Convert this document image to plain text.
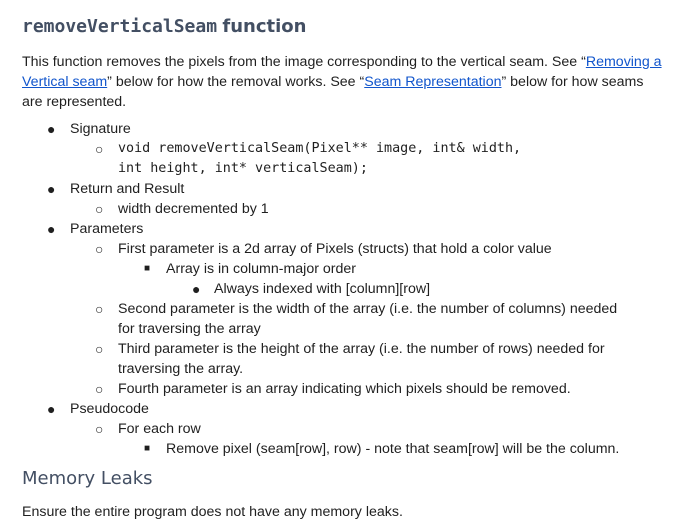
removeVerticalSeam function

This function removes the pixels from the image corresponding to the vertical seam. See “Removing a Vertical seam” below for how the removal works. See “Seam Representation” below for how seams are represented.

● Signature
○ void removeVerticalSeam(Pixel** image, int& width,
int height, int* verticalSeam);
● Return and Result
○ width decremented by 1
● Parameters
○ First parameter is a 2d array of Pixels (structs) that hold a color value
■ Array is in column-major order
● Always indexed with [column][row]
○ Second parameter is the width of the array (i.e. the number of columns) needed
for traversing the array
○ Third parameter is the height of the array (i.e. the number of rows) needed for
traversing the array.
○ Fourth parameter is an array indicating which pixels should be removed.
● Pseudocode
○ For each row
■ Remove pixel (seam[row], row) - note that seam[row] will be the column.
Memory Leaks

Ensure the entire program does not have any memory leaks.
